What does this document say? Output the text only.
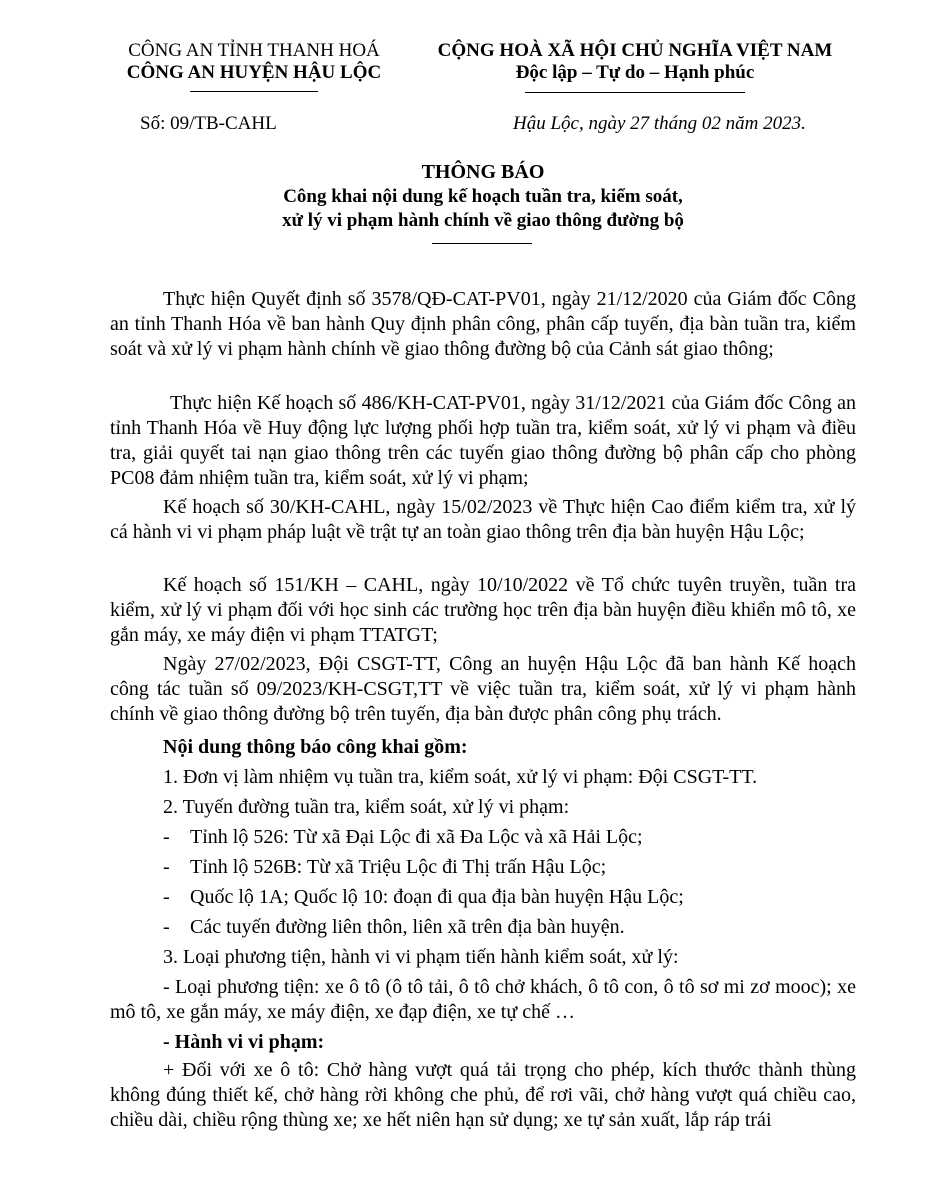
CÔNG AN TỈNH THANH HOÁ
CÔNG AN HUYỆN HẬU LỘC
CỘNG HOÀ XÃ HỘI CHỦ NGHĨA VIỆT NAM
Độc lập – Tự do – Hạnh phúc
Số: 09/TB-CAHL	Hậu Lộc, ngày 27 tháng 02 năm 2023.
THÔNG BÁO
Công khai nội dung kế hoạch tuần tra, kiểm soát,
xử lý vi phạm hành chính về giao thông đường bộ
Thực hiện Quyết định số 3578/QĐ-CAT-PV01, ngày 21/12/2020 của Giám đốc Công an tỉnh Thanh Hóa về ban hành Quy định phân công, phân cấp tuyến, địa bàn tuần tra, kiểm soát và xử lý vi phạm hành chính về giao thông đường bộ của Cảnh sát giao thông;
Thực hiện Kế hoạch số 486/KH-CAT-PV01, ngày 31/12/2021 của Giám đốc Công an tỉnh Thanh Hóa về Huy động lực lượng phối hợp tuần tra, kiểm soát, xử lý vi phạm và điều tra, giải quyết tai nạn giao thông trên các tuyến giao thông đường bộ phân cấp cho phòng PC08 đảm nhiệm tuần tra, kiểm soát, xử lý vi phạm;
Kế hoạch số 30/KH-CAHL, ngày 15/02/2023 về Thực hiện Cao điểm kiểm tra, xử lý cá hành vi vi phạm pháp luật về trật tự an toàn giao thông trên địa bàn huyện Hậu Lộc;
Kế hoạch số 151/KH – CAHL, ngày 10/10/2022 về Tổ chức tuyên truyền, tuần tra kiểm, xử lý vi phạm đối với học sinh các trường học trên địa bàn huyện điều khiển mô tô, xe gắn máy, xe máy điện vi phạm TTATGT;
Ngày 27/02/2023, Đội CSGT-TT, Công an huyện Hậu Lộc đã ban hành Kế hoạch công tác tuần số 09/2023/KH-CSGT,TT về việc tuần tra, kiểm soát, xử lý vi phạm hành chính về giao thông đường bộ trên tuyến, địa bàn được phân công phụ trách.
Nội dung thông báo công khai gồm:
1. Đơn vị làm nhiệm vụ tuần tra, kiểm soát, xử lý vi phạm: Đội CSGT-TT.
2. Tuyến đường tuần tra, kiểm soát, xử lý vi phạm:
- Tỉnh lộ 526: Từ xã Đại Lộc đi xã Đa Lộc và xã Hải Lộc;
- Tỉnh lộ 526B: Từ xã Triệu Lộc đi Thị trấn Hậu Lộc;
- Quốc lộ 1A; Quốc lộ 10: đoạn đi qua địa bàn huyện Hậu Lộc;
- Các tuyến đường liên thôn, liên xã trên địa bàn huyện.
3. Loại phương tiện, hành vi vi phạm tiến hành kiểm soát, xử lý:
- Loại phương tiện: xe ô tô (ô tô tải, ô tô chở khách, ô tô con, ô tô sơ mi zơ mooc); xe mô tô, xe gắn máy, xe máy điện, xe đạp điện, xe tự chế …
- Hành vi vi phạm:
+ Đối với xe ô tô: Chở hàng vượt quá tải trọng cho phép, kích thước thành thùng không đúng thiết kế, chở hàng rời không che phủ, để rơi vãi, chở hàng vượt quá chiều cao, chiều dài, chiều rộng thùng xe; xe hết niên hạn sử dụng; xe tự sản xuất, lắp ráp trái
